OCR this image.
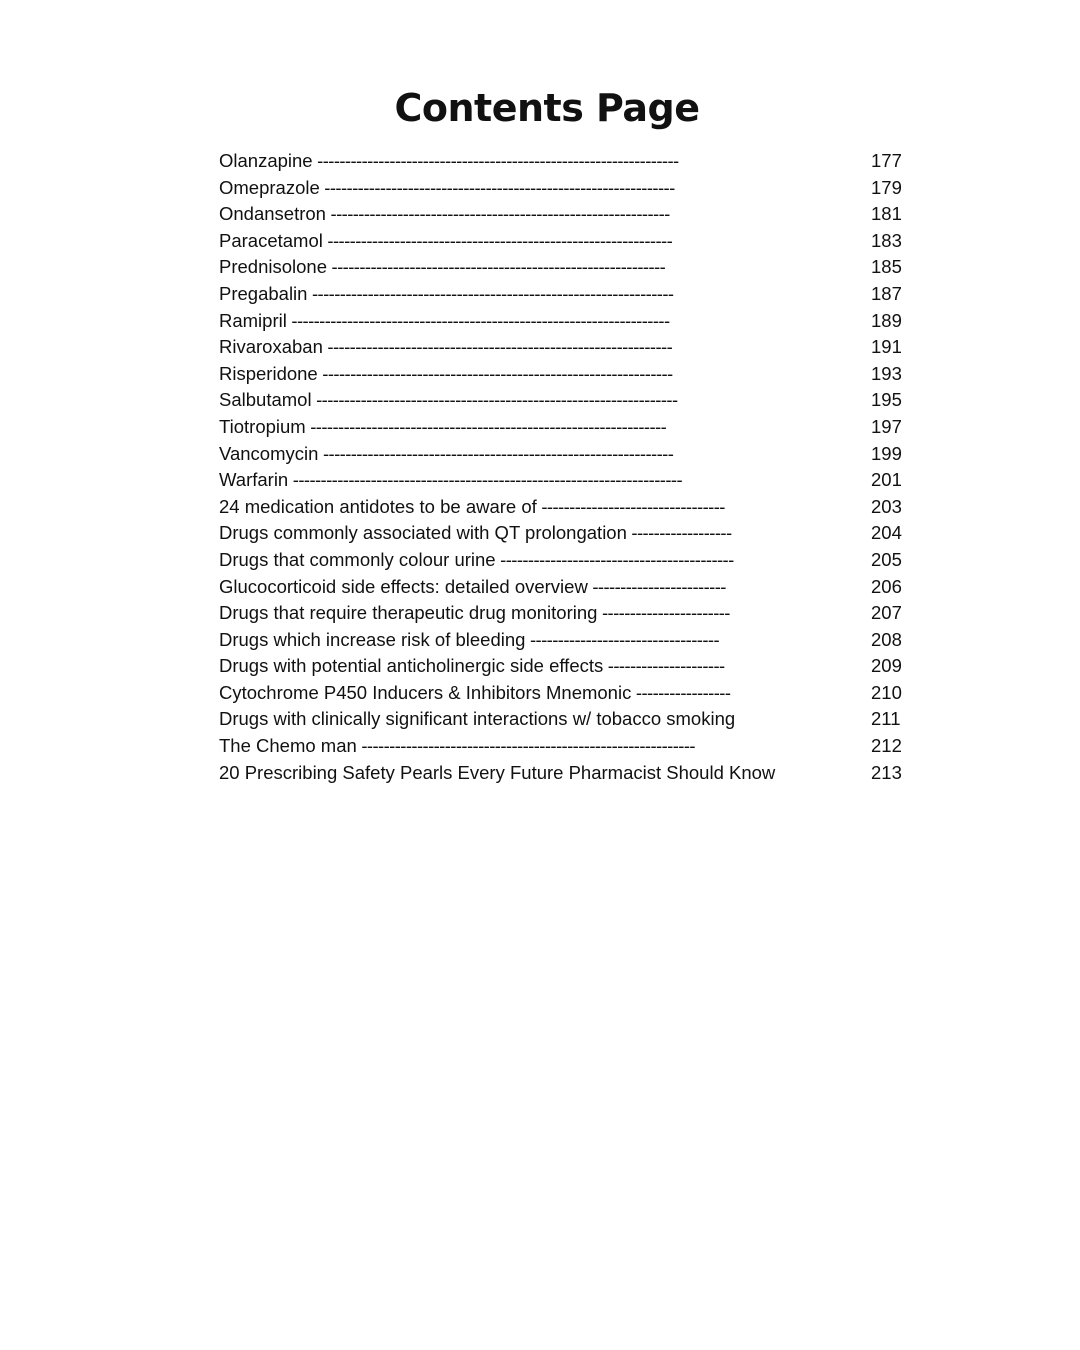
Contents Page
Olanzapine -----------------------------------------------------------------	177
Omeprazole ---------------------------------------------------------------	179
Ondansetron -------------------------------------------------------------	181
Paracetamol --------------------------------------------------------------	183
Prednisolone ------------------------------------------------------------	185
Pregabalin -----------------------------------------------------------------	187
Ramipril --------------------------------------------------------------------	189
Rivaroxaban --------------------------------------------------------------	191
Risperidone ---------------------------------------------------------------	193
Salbutamol -----------------------------------------------------------------	195
Tiotropium ----------------------------------------------------------------	197
Vancomycin ---------------------------------------------------------------	199
Warfarin ----------------------------------------------------------------------	201
24 medication antidotes to be aware of ---------------------------------	203
Drugs commonly associated with QT prolongation ------------------	204
Drugs that commonly colour urine ------------------------------------------	205
Glucocorticoid side effects: detailed overview ------------------------	206
Drugs that require therapeutic drug monitoring -----------------------	207
Drugs which increase risk of bleeding ----------------------------------	208
Drugs with potential anticholinergic side effects ---------------------	209
Cytochrome P450 Inducers & Inhibitors Mnemonic -----------------	210
Drugs with clinically significant interactions w/ tobacco smoking	211
The Chemo man ------------------------------------------------------------	212
20 Prescribing Safety Pearls Every Future Pharmacist Should Know	213
